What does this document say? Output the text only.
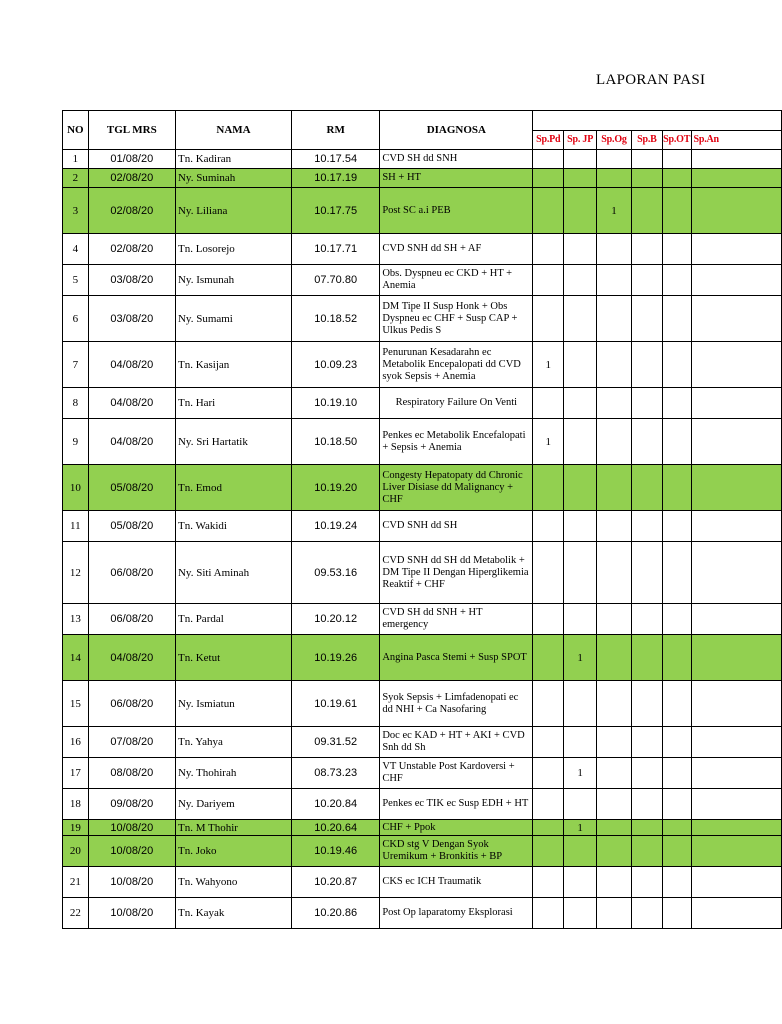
LAPORAN PASI
NO	TGL MRS	NAMA	RM	DIAGNOSA						
					Sp.Pd	Sp. JP	Sp.Og	Sp.B	Sp.OT	Sp.An
1	01/08/20	Tn. Kadiran	10.17.54	CVD SH dd SNH						
2	02/08/20	Ny. Suminah	10.17.19	SH + HT						
3	02/08/20	Ny. Liliana	10.17.75	Post SC a.i PEB			1			
4	02/08/20	Tn. Losorejo	10.17.71	CVD SNH dd SH + AF						
5	03/08/20	Ny. Ismunah	07.70.80	Obs. Dyspneu ec CKD + HT + Anemia						
6	03/08/20	Ny. Sumami	10.18.52	DM Tipe II Susp Honk + Obs Dyspneu ec CHF + Susp CAP + Ulkus Pedis S						
7	04/08/20	Tn. Kasijan	10.09.23	Penurunan Kesadarahn ec Metabolik Encepalopati dd CVD syok Sepsis + Anemia	1					
8	04/08/20	Tn. Hari	10.19.10	Respiratory Failure On Venti						
9	04/08/20	Ny. Sri Hartatik	10.18.50	Penkes ec Metabolik Encefalopati + Sepsis + Anemia	1					
10	05/08/20	Tn. Emod	10.19.20	Congesty Hepatopaty dd Chronic Liver Disiase dd Malignancy + CHF						
11	05/08/20	Tn. Wakidi	10.19.24	CVD SNH dd SH						
12	06/08/20	Ny. Siti Aminah	09.53.16	CVD SNH dd SH dd Metabolik + DM Tipe II Dengan Hiperglikemia Reaktif + CHF						
13	06/08/20	Tn. Pardal	10.20.12	CVD SH dd SNH + HT emergency						
14	04/08/20	Tn. Ketut	10.19.26	Angina Pasca Stemi + Susp SPOT		1				
15	06/08/20	Ny. Ismiatun	10.19.61	Syok Sepsis + Limfadenopati ec dd NHI + Ca Nasofaring						
16	07/08/20	Tn. Yahya	09.31.52	Doc ec KAD + HT + AKI + CVD Snh dd Sh						
17	08/08/20	Ny. Thohirah	08.73.23	VT Unstable Post Kardoversi + CHF		1				
18	09/08/20	Ny. Dariyem	10.20.84	Penkes ec TIK ec Susp EDH + HT						
19	10/08/20	Tn. M Thohir	10.20.64	CHF + Ppok		1				
20	10/08/20	Tn. Joko	10.19.46	CKD stg V Dengan Syok Uremikum + Bronkitis + BP						
21	10/08/20	Tn. Wahyono	10.20.87	CKS ec ICH Traumatik						
22	10/08/20	Tn. Kayak	10.20.86	Post Op laparatomy Eksplorasi						
